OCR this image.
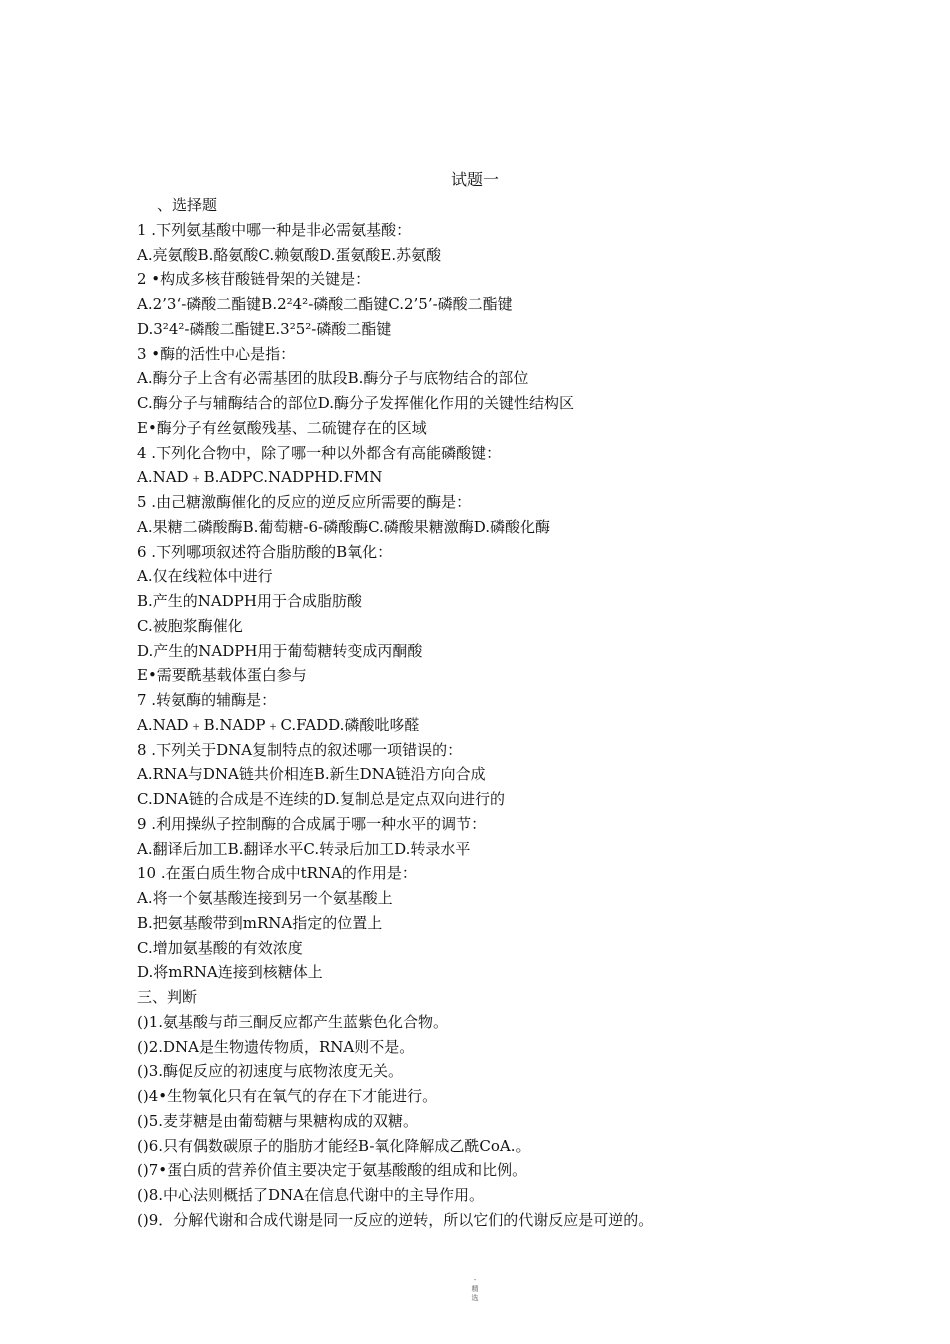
试题一
、选择题
1 .下列氨基酸中哪一种是非必需氨基酸：
A.亮氨酸B.酪氨酸C.赖氨酸D.蛋氨酸E.苏氨酸
2 •构成多核苷酸链骨架的关键是：
A.2’3‘-磷酸二酯键B.2²4²-磷酸二酯键C.2’5’-磷酸二酯键
D.3²4²-磷酸二酯键E.3²5²-磷酸二酯键
3 •酶的活性中心是指：
A.酶分子上含有必需基团的肽段B.酶分子与底物结合的部位
C.酶分子与辅酶结合的部位D.酶分子发挥催化作用的关键性结构区
E•酶分子有丝氨酸残基、二硫键存在的区域
4 .下列化合物中，除了哪一种以外都含有高能磷酸键：
A.NAD﹢B.ADPC.NADPHD.FMN
5 .由己糖激酶催化的反应的逆反应所需要的酶是：
A.果糖二磷酸酶B.葡萄糖-6-磷酸酶C.磷酸果糖激酶D.磷酸化酶
6 .下列哪项叙述符合脂肪酸的B氧化：
A.仅在线粒体中进行
B.产生的NADPH用于合成脂肪酸
C.被胞浆酶催化
D.产生的NADPH用于葡萄糖转变成丙酮酸
E•需要酰基载体蛋白参与
7 .转氨酶的辅酶是：
A.NAD﹢B.NADP﹢C.FADD.磷酸吡哆醛
8 .下列关于DNA复制特点的叙述哪一项错误的：
A.RNA与DNA链共价相连B.新生DNA链沿方向合成
C.DNA链的合成是不连续的D.复制总是定点双向进行的
9 .利用操纵子控制酶的合成属于哪一种水平的调节：
A.翻译后加工B.翻译水平C.转录后加工D.转录水平
10 .在蛋白质生物合成中tRNA的作用是：
A.将一个氨基酸连接到另一个氨基酸上
B.把氨基酸带到mRNA指定的位置上
C.增加氨基酸的有效浓度
D.将mRNA连接到核糖体上
三、判断
()1.氨基酸与茚三酮反应都产生蓝紫色化合物。
()2.DNA是生物遗传物质，RNA则不是。
()3.酶促反应的初速度与底物浓度无关。
()4•生物氧化只有在氧气的存在下才能进行。
()5.麦芽糖是由葡萄糖与果糖构成的双糖。
()6.只有偶数碳原子的脂肪才能经B-氧化降解成乙酰CoA.。
()7•蛋白质的营养价值主要决定于氨基酸酸的组成和比例。
()8.中心法则概括了DNA在信息代谢中的主导作用。
()9．分解代谢和合成代谢是同一反应的逆转，所以它们的代谢反应是可逆的。
-
精
选
